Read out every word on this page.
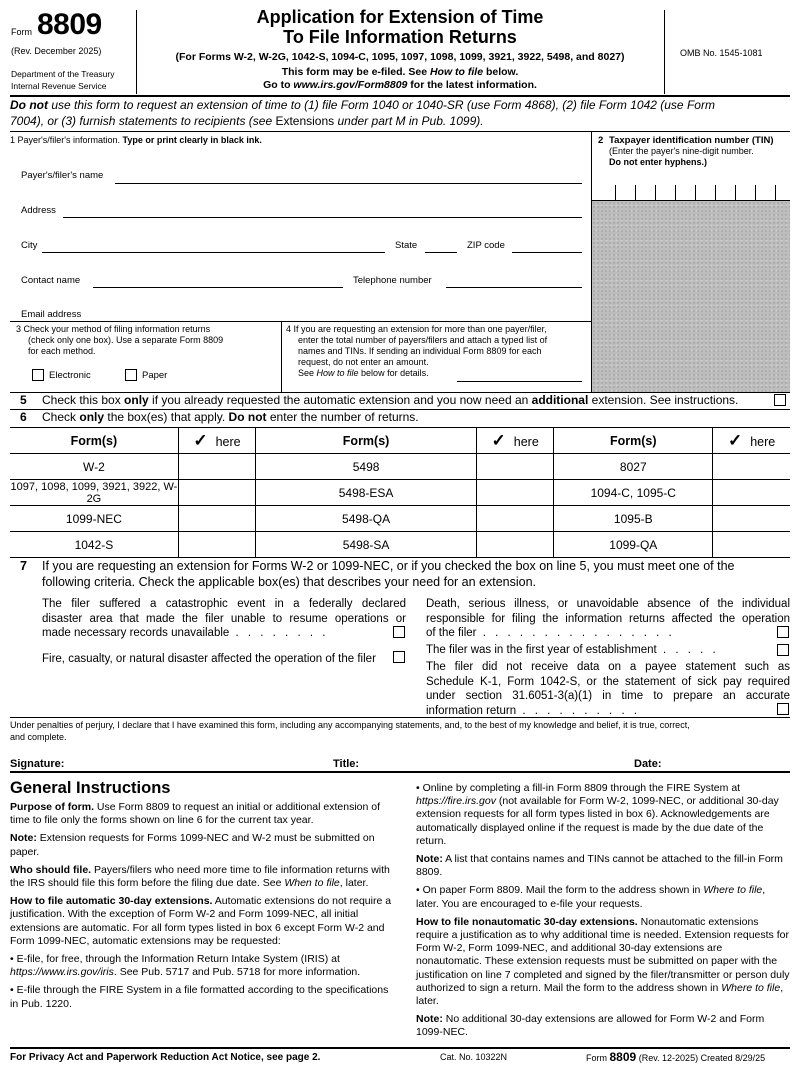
Form 8809
(Rev. December 2025)
Department of the Treasury
Internal Revenue Service
Application for Extension of Time
To File Information Returns
(For Forms W-2, W-2G, 1042-S, 1094-C, 1095, 1097, 1098, 1099, 3921, 3922, 5498, and 8027)
This form may be e-filed. See How to file below.
Go to www.irs.gov/Form8809 for the latest information.
OMB No. 1545-1081
Do not use this form to request an extension of time to (1) file Form 1040 or 1040-SR (use Form 4868), (2) file Form 1042 (use Form
7004), or (3) furnish statements to recipients (see Extensions under part M in Pub. 1099).
1 Payer's/filer's information. Type or print clearly in black ink.
Payer's/filer's name
Address
City	State	ZIP code
Contact name	Telephone number
Email address
2 Taxpayer identification number (TIN)
(Enter the payer's nine-digit number.
Do not enter hyphens.)
3 Check your method of filing information returns
(check only one box). Use a separate Form 8809
for each method.
Electronic	Paper
4 If you are requesting an extension for more than one payer/filer,
enter the total number of payers/filers and attach a typed list of
names and TINs. If sending an individual Form 8809 for each
request, do not enter an amount.
See How to file below for details.
5 Check this box only if you already requested the automatic extension and you now need an additional extension. See instructions.
6 Check only the box(es) that apply. Do not enter the number of returns.
Form(s)	✓ here	Form(s)	✓ here	Form(s)	✓ here
W-2		5498		8027	
1097, 1098, 1099, 3921, 3922, W-2G		5498-ESA		1094-C, 1095-C	
1099-NEC		5498-QA		1095-B	
1042-S		5498-SA		1099-QA	
7 If you are requesting an extension for Forms W-2 or 1099-NEC, or if you checked the box on line 5, you must meet one of the
following criteria. Check the applicable box(es) that describes your need for an extension.
The filer suffered a catastrophic event in a federally declared
disaster area that made the filer unable to resume operations or
made necessary records unavailable . . . . . . . .
Fire, casualty, or natural disaster affected the operation of the filer
Death, serious illness, or unavoidable absence of the individual
responsible for filing the information returns affected the operation
of the filer . . . . . . . . . . . . . . . .
The filer was in the first year of establishment . . . . .
The filer did not receive data on a payee statement such as
Schedule K-1, Form 1042-S, or the statement of sick pay required
under section 31.6051-3(a)(1) in time to prepare an accurate
information return . . . . . . . . . .
Under penalties of perjury, I declare that I have examined this form, including any accompanying statements, and, to the best of my knowledge and belief, it is true, correct,
and complete.
Signature:	Title:	Date:
General Instructions

Purpose of form. Use Form 8809 to request an initial or additional extension of time to file only the forms shown on line 6 for the current tax year.

Note: Extension requests for Forms 1099-NEC and W-2 must be submitted on paper.

Who should file. Payers/filers who need more time to file information returns with the IRS should file this form before the filing due date. See When to file, later.

How to file automatic 30-day extensions. Automatic extensions do not require a justification. With the exception of Form W-2 and Form 1099-NEC, all initial extensions are automatic. For all form types listed in box 6 except Form W-2 and Form 1099-NEC, automatic extensions may be requested:

• E-file, for free, through the Information Return Intake System (IRIS) at https://www.irs.gov/iris. See Pub. 5717 and Pub. 5718 for more information.

• E-file through the FIRE System in a file formatted according to the specifications in Pub. 1220.

• Online by completing a fill-in Form 8809 through the FIRE System at https://fire.irs.gov (not available for Form W-2, 1099-NEC, or additional 30-day extension requests for all form types listed in box 6). Acknowledgements are automatically displayed online if the request is made by the due date of the return.

Note: A list that contains names and TINs cannot be attached to the fill-in Form 8809.

• On paper Form 8809. Mail the form to the address shown in Where to file, later. You are encouraged to e-file your requests.

How to file nonautomatic 30-day extensions. Nonautomatic extensions require a justification as to why additional time is needed. Extension requests for Form W-2, Form 1099-NEC, and additional 30-day extensions are nonautomatic. These extension requests must be submitted on paper with the justification on line 7 completed and signed by the filer/transmitter or person duly authorized to sign a return. Mail the form to the address shown in Where to file, later.

Note: No additional 30-day extensions are allowed for Form W-2 and Form 1099-NEC.

For Privacy Act and Paperwork Reduction Act Notice, see page 2.	Cat. No. 10322N	Form 8809 (Rev. 12-2025) Created 8/29/25
